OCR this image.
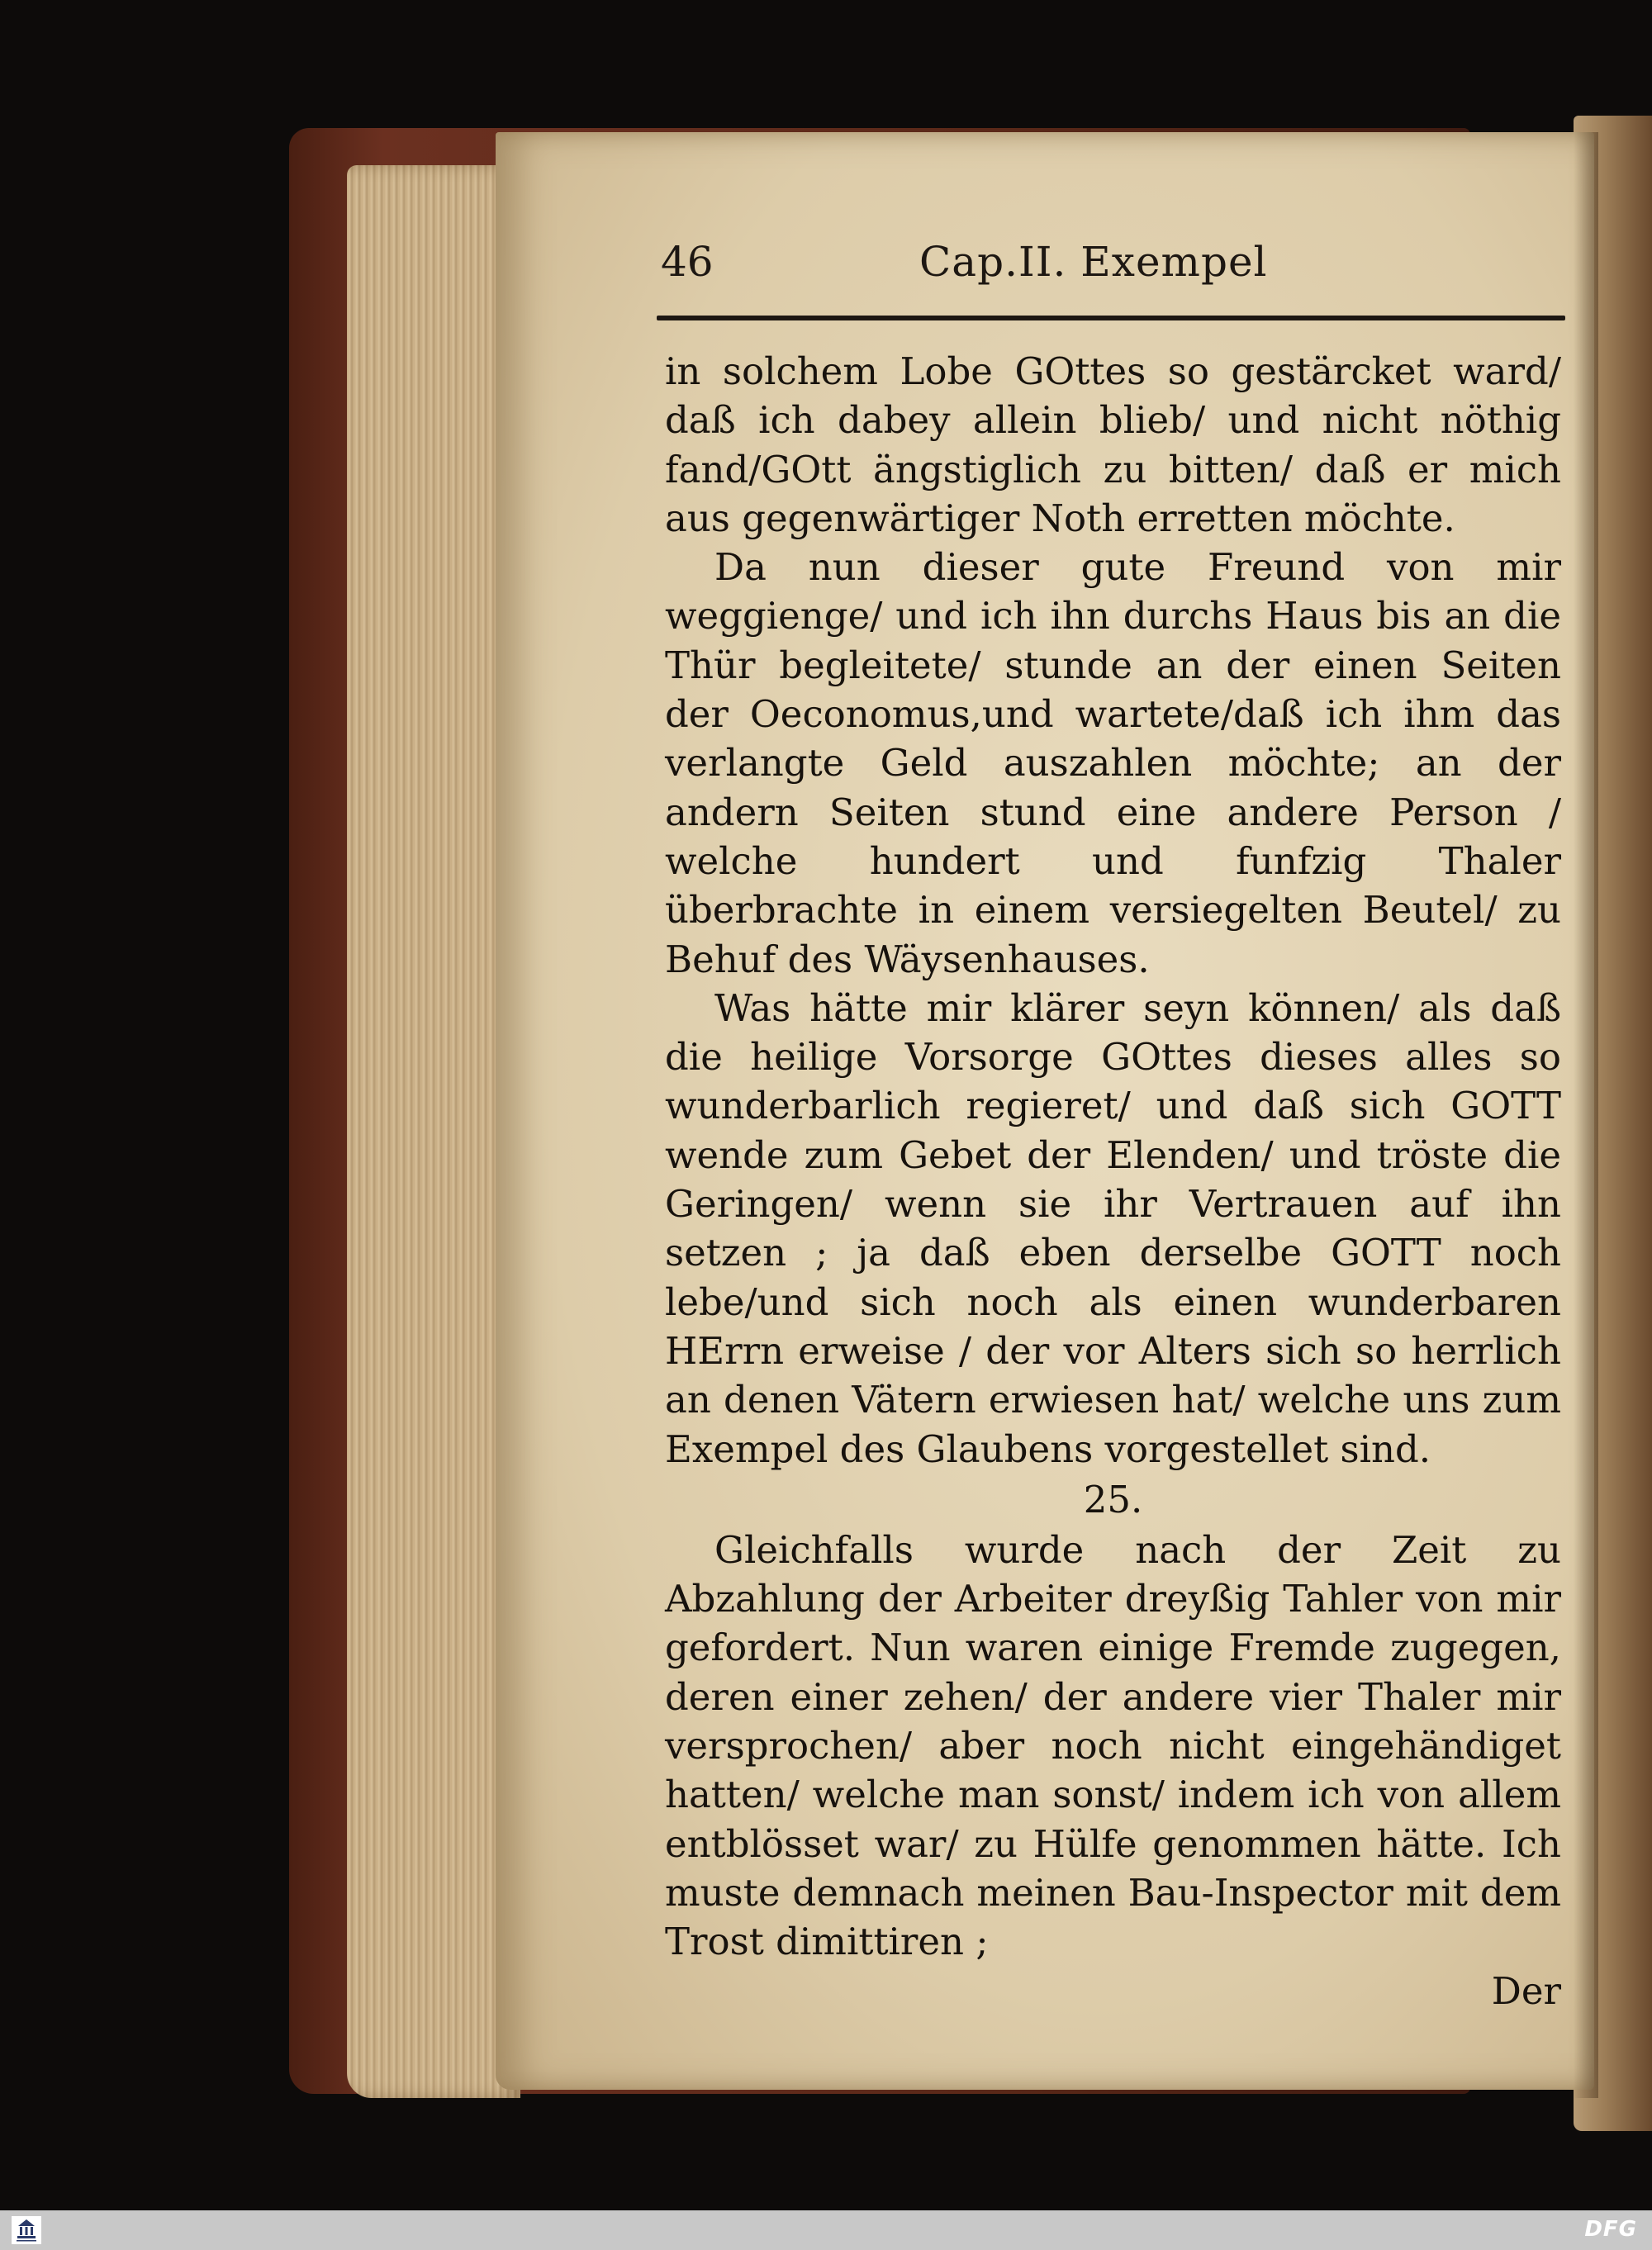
46	Cap.II. Exempel

in solchem Lobe GOttes so gestärcket ward/ daß ich dabey allein blieb/ und nicht nöthig fand/GOtt ängstiglich zu bitten/ daß er mich aus gegenwärtiger Noth erretten möchte.

Da nun dieser gute Freund von mir weggienge/ und ich ihn durchs Haus bis an die Thür begleitete/ stunde an der einen Seiten der Oeconomus,und wartete/daß ich ihm das verlangte Geld auszahlen möchte; an der andern Seiten stund eine andere Person / welche hundert und funfzig Thaler überbrachte in einem versiegelten Beutel/ zu Behuf des Wäysenhauses.

Was hätte mir klärer seyn können/ als daß die heilige Vorsorge GOttes dieses alles so wunderbarlich regieret/ und daß sich GOTT wende zum Gebet der Elenden/ und tröste die Geringen/ wenn sie ihr Vertrauen auf ihn setzen ; ja daß eben derselbe GOTT noch lebe/und sich noch als einen wunderbaren HErrn erweise / der vor Alters sich so herrlich an denen Vätern erwiesen hat/ welche uns zum Exempel des Glaubens vorgestellet sind.

25.

Gleichfalls wurde nach der Zeit zu Abzahlung der Arbeiter dreyßig Tahler von mir gefordert. Nun waren einige Fremde zugegen, deren einer zehen/ der andere vier Thaler mir versprochen/ aber noch nicht eingehändiget hatten/ welche man sonst/ indem ich von allem entblösset war/ zu Hülfe genommen hätte. Ich muste demnach meinen Bau-Inspector mit dem Trost dimittiren ;

Der

DFG
